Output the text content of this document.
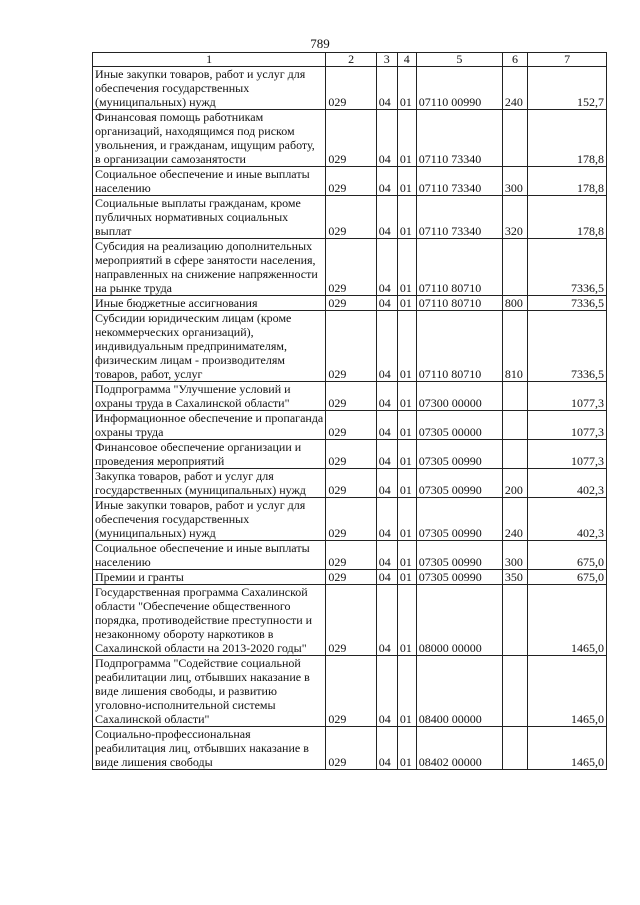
789
1	2	3	4	5	6	7
Иные закупки товаров, работ и услуг для обеспечения государственных (муниципальных) нужд	029	04	01	07110 00990	240	152,7
Финансовая помощь работникам организаций, находящимся под риском увольнения, и гражданам, ищущим работу, в организации самозанятости	029	04	01	07110 73340		178,8
Социальное обеспечение и иные выплаты населению	029	04	01	07110 73340	300	178,8
Социальные выплаты гражданам, кроме публичных нормативных социальных выплат	029	04	01	07110 73340	320	178,8
Субсидия на реализацию дополнительных мероприятий в сфере занятости населения, направленных на снижение напряженности на рынке труда	029	04	01	07110 80710		7336,5
Иные бюджетные ассигнования	029	04	01	07110 80710	800	7336,5
Субсидии юридическим лицам (кроме некоммерческих организаций), индивидуальным предпринимателям, физическим лицам - производителям товаров, работ, услуг	029	04	01	07110 80710	810	7336,5
Подпрограмма "Улучшение условий и охраны труда в Сахалинской области"	029	04	01	07300 00000		1077,3
Информационное обеспечение и пропаганда охраны труда	029	04	01	07305 00000		1077,3
Финансовое обеспечение организации и проведения мероприятий	029	04	01	07305 00990		1077,3
Закупка товаров, работ и услуг для государственных (муниципальных) нужд	029	04	01	07305 00990	200	402,3
Иные закупки товаров, работ и услуг для обеспечения государственных (муниципальных) нужд	029	04	01	07305 00990	240	402,3
Социальное обеспечение и иные выплаты населению	029	04	01	07305 00990	300	675,0
Премии и гранты	029	04	01	07305 00990	350	675,0
Государственная программа Сахалинской области "Обеспечение общественного порядка, противодействие преступности и незаконному обороту наркотиков в Сахалинской области на 2013-2020 годы"	029	04	01	08000 00000		1465,0
Подпрограмма "Содействие социальной реабилитации лиц, отбывших наказание в виде лишения свободы, и развитию уголовно-исполнительной системы Сахалинской области"	029	04	01	08400 00000		1465,0
Социально-профессиональная реабилитация лиц, отбывших наказание в виде лишения свободы	029	04	01	08402 00000		1465,0
